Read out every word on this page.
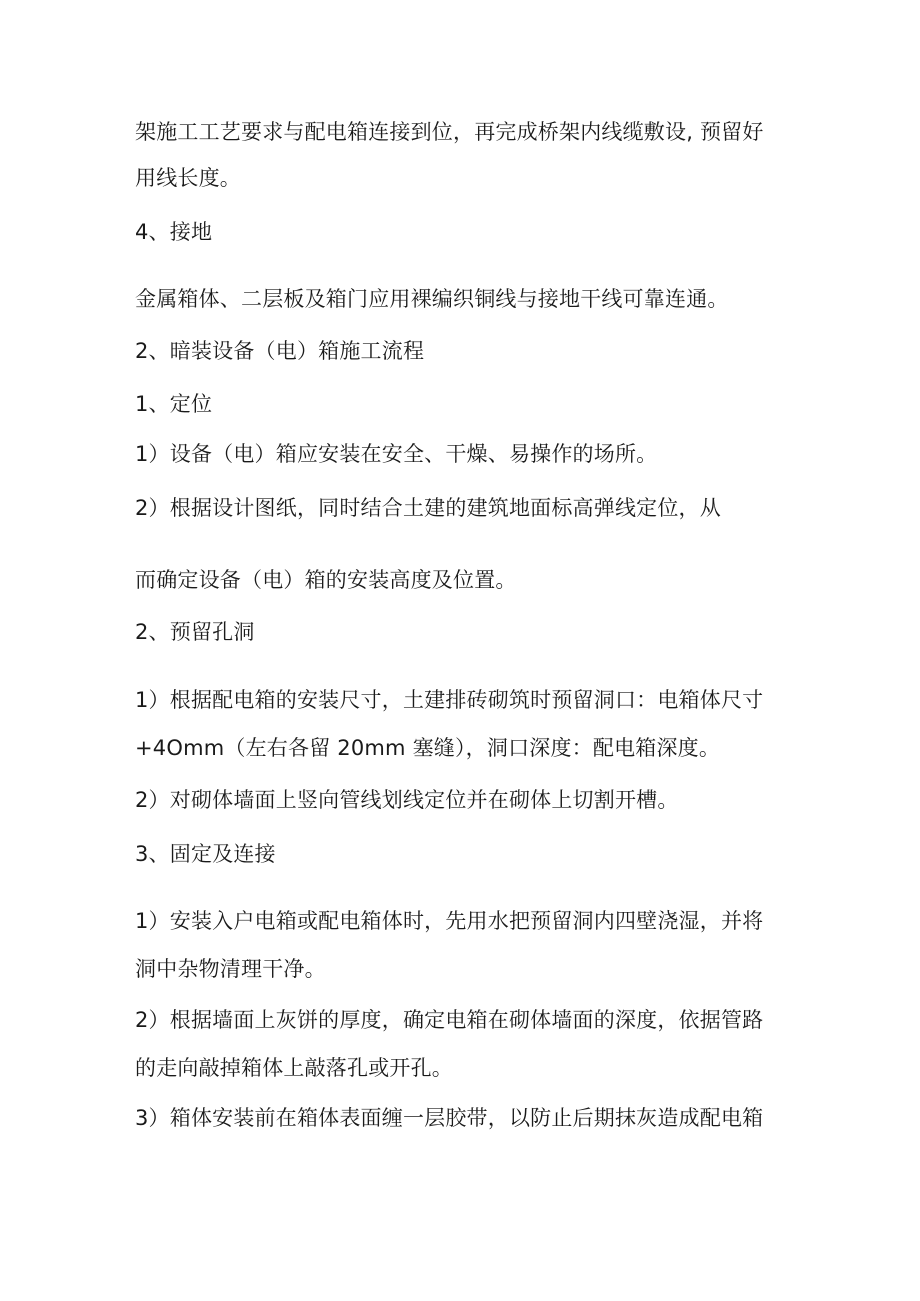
架施工工艺要求与配电箱连接到位，再完成桥架内线缆敷设, 预留好
用线长度。
4、接地
金属箱体、二层板及箱门应用裸编织铜线与接地干线可靠连通。
2、暗装设备（电）箱施工流程
1、定位
1）设备（电）箱应安装在安全、干燥、易操作的场所。
2）根据设计图纸，同时结合土建的建筑地面标高弹线定位，从
而确定设备（电）箱的安装高度及位置。
2、预留孔洞
1）根据配电箱的安装尺寸，土建排砖砌筑时预留洞口：电箱体尺寸
+4Omm（左右各留 20mm 塞缝），洞口深度：配电箱深度。
2）对砌体墙面上竖向管线划线定位并在砌体上切割开槽。
3、固定及连接
1）安装入户电箱或配电箱体时，先用水把预留洞内四壁浇湿，并将
洞中杂物清理干净。
2）根据墙面上灰饼的厚度，确定电箱在砌体墙面的深度，依据管路
的走向敲掉箱体上敲落孔或开孔。
3）箱体安装前在箱体表面缠一层胶带，以防止后期抹灰造成配电箱
